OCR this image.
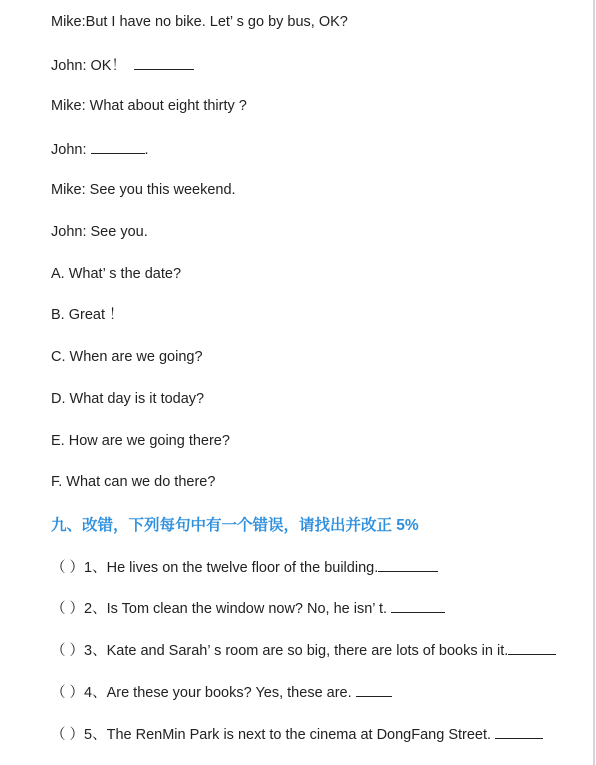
Mike:But I have no bike. Let’ s go by bus, OK?
John: OK！
Mike: What about eight thirty ?
John:	.
Mike: See you this weekend.
John: See you.
A. What’ s the date?
B. Great ！
C. When are we going?
D. What day is it today?
E. How are we going there?
F. What can we do there?
九、改错，下列每句中有一个错误，请找出并改正 5%
（ ）1、He lives on the twelve floor of the building.
（ ）2、Is Tom clean the window now? No, he isn’ t.
（ ）3、Kate and Sarah’ s room are so big, there are lots of books in it.
（ ）4、Are these your books? Yes, these are.
（ ）5、The RenMin Park is next to the cinema at DongFang Street.
